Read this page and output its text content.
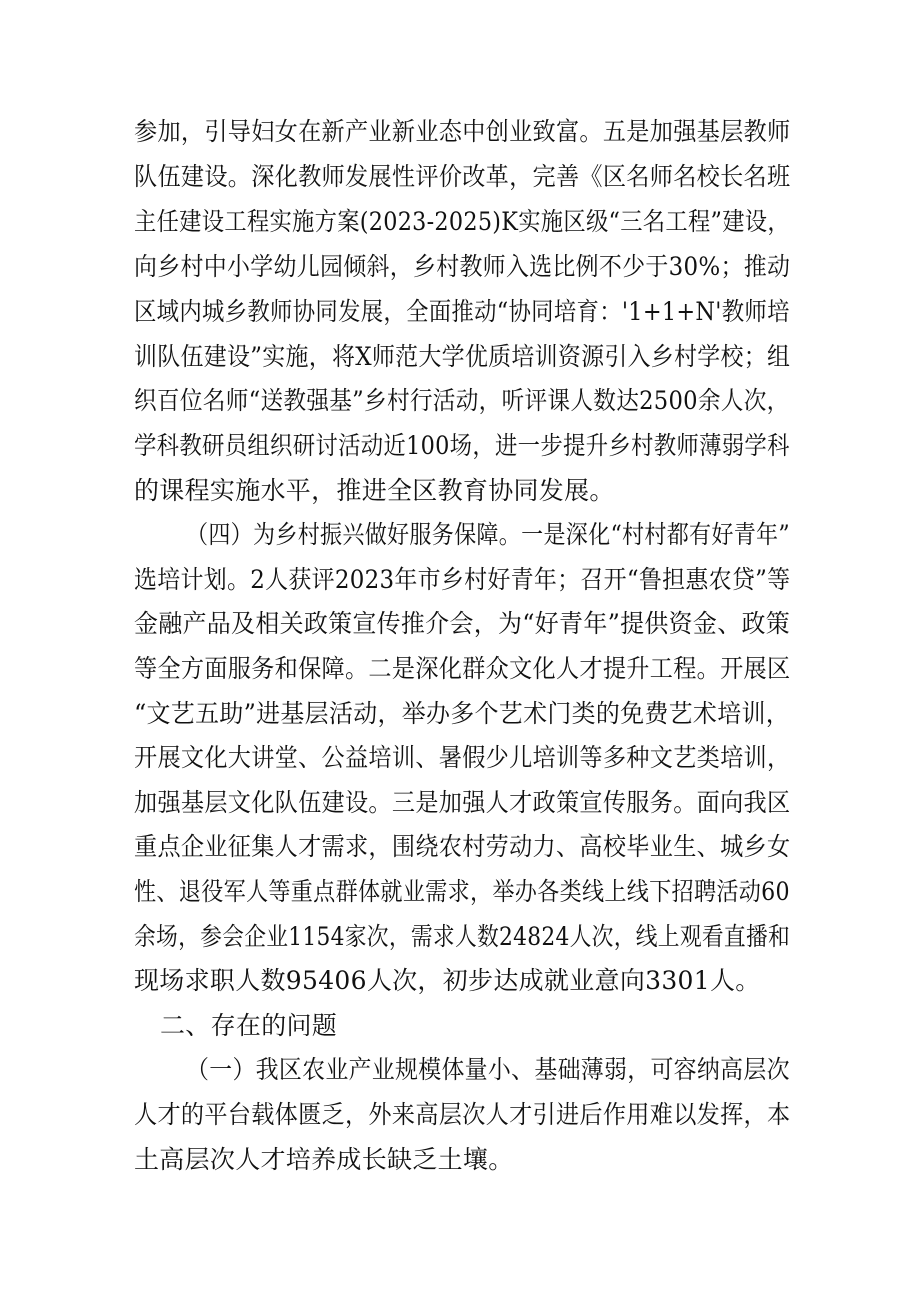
参加，引导妇女在新产业新业态中创业致富。五是加强基层教师
队伍建设。深化教师发展性评价改革，完善《区名师名校长名班
主任建设工程实施方案(2023-2025)K实施区级“三名工程”建设，
向乡村中小学幼儿园倾斜，乡村教师入选比例不少于30%；推动
区域内城乡教师协同发展，全面推动“协同培育：'1+1+N'教师培
训队伍建设”实施，将X师范大学优质培训资源引入乡村学校；组
织百位名师“送教强基”乡村行活动，听评课人数达2500余人次，
学科教研员组织研讨活动近100场，进一步提升乡村教师薄弱学科
的课程实施水平，推进全区教育协同发展。
（四）为乡村振兴做好服务保障。一是深化“村村都有好青年”
选培计划。2人获评2023年市乡村好青年；召开“鲁担惠农贷”等
金融产品及相关政策宣传推介会，为“好青年”提供资金、政策
等全方面服务和保障。二是深化群众文化人才提升工程。开展区
“文艺五助”进基层活动，举办多个艺术门类的免费艺术培训，
开展文化大讲堂、公益培训、暑假少儿培训等多种文艺类培训，
加强基层文化队伍建设。三是加强人才政策宣传服务。面向我区
重点企业征集人才需求，围绕农村劳动力、高校毕业生、城乡女
性、退役军人等重点群体就业需求，举办各类线上线下招聘活动60
余场，参会企业1154家次，需求人数24824人次，线上观看直播和
现场求职人数95406人次，初步达成就业意向3301人。
二、存在的问题
（一）我区农业产业规模体量小、基础薄弱，可容纳高层次
人才的平台载体匮乏，外来高层次人才引进后作用难以发挥，本
土高层次人才培养成长缺乏土壤。
